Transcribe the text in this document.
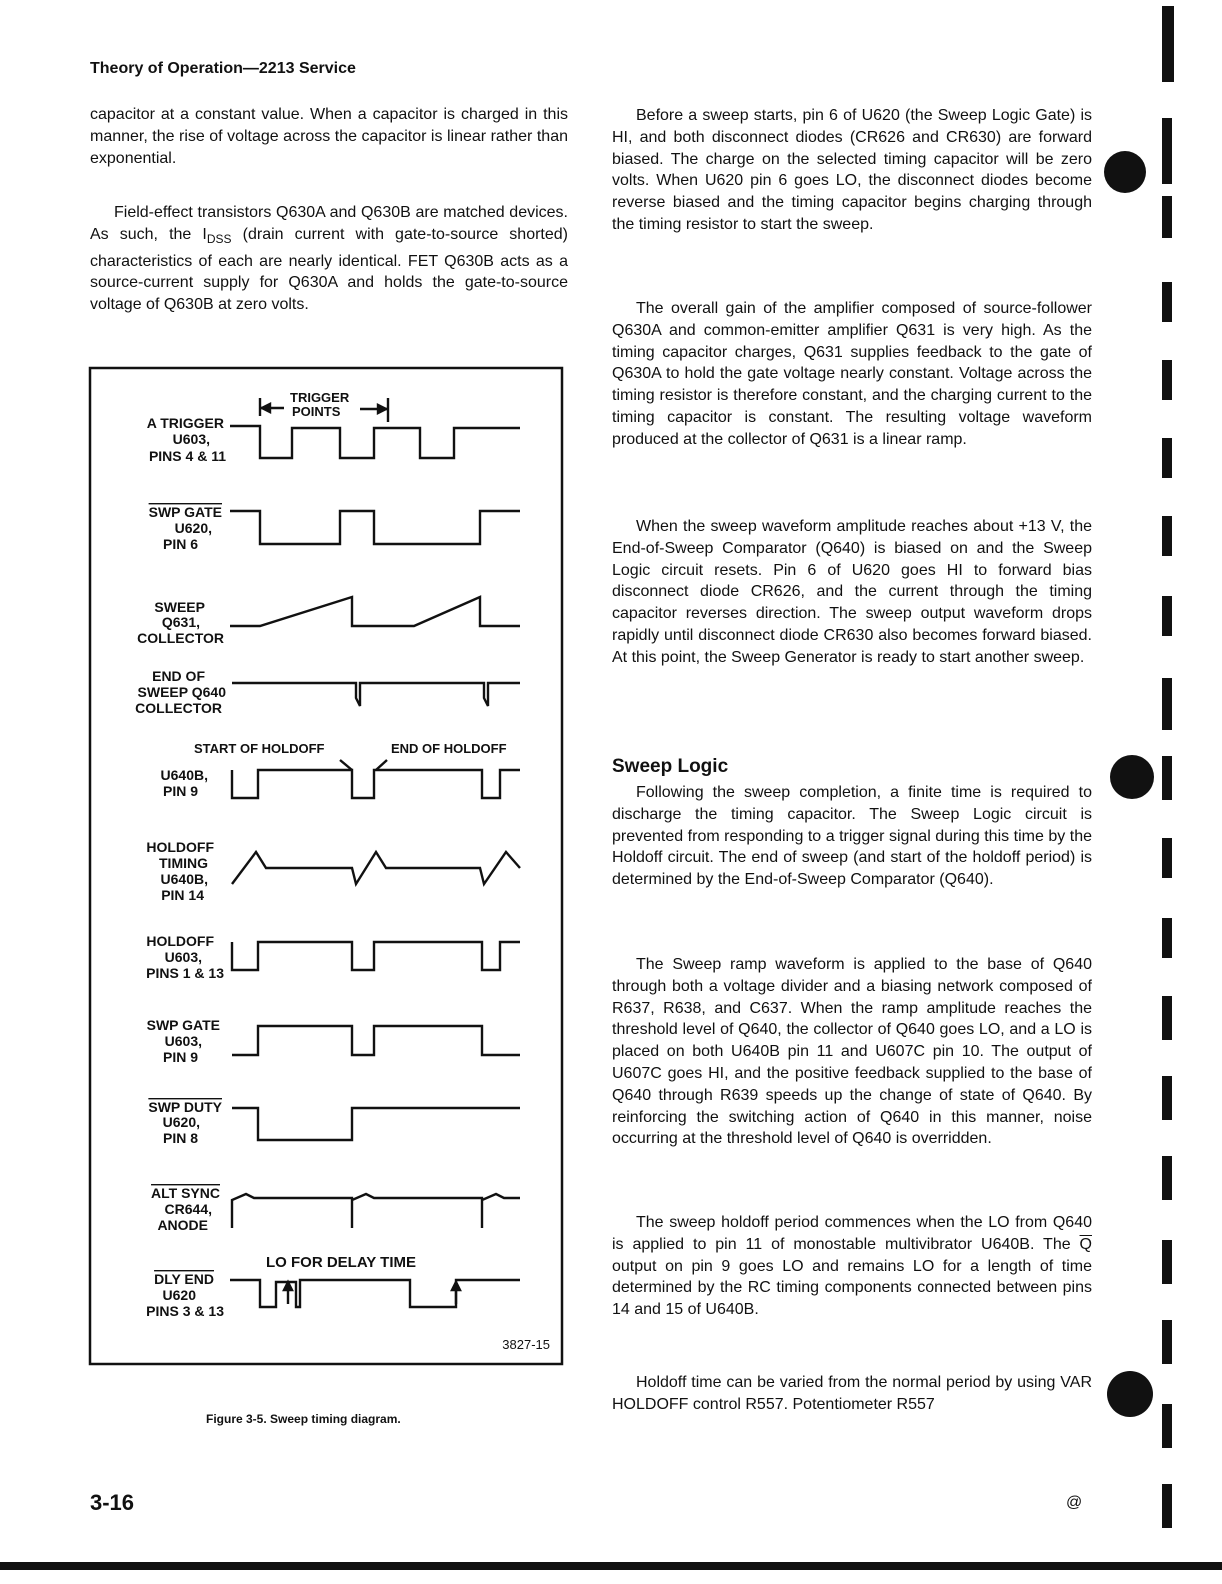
Theory of Operation—2213 Service

capacitor at a constant value. When a capacitor is charged in this manner, the rise of voltage across the capacitor is linear rather than exponential.

Field-effect transistors Q630A and Q630B are matched devices. As such, the $I_{DSS}$ (drain current with gate-to-source shorted) characteristics of each are nearly identical. FET Q630B acts as a source-current supply for Q630A and holds the gate-to-source voltage of Q630B at zero volts.

A TRIGGER
U603,
PINS 4 & 11
SWP GATE
U620,
PIN 6
SWEEP
Q631,
COLLECTOR
END OF
SWEEP Q640
COLLECTOR
U640B,
PIN 9
HOLDOFF
TIMING
U640B,
PIN 14
HOLDOFF
U603,
PINS 1 & 13
SWP GATE
U603,
PIN 9
SWP DUTY
U620,
PIN 8
ALT SYNC
CR644,
ANODE
DLY END
U620
PINS 3 & 13
TRIGGER
POINTS
START OF HOLDOFF	END OF HOLDOFF
LO FOR DELAY TIME
3827-15
Figure 3-5. Sweep timing diagram.

Before a sweep starts, pin 6 of U620 (the Sweep Logic Gate) is HI, and both disconnect diodes (CR626 and CR630) are forward biased. The charge on the selected timing capacitor will be zero volts. When U620 pin 6 goes LO, the disconnect diodes become reverse biased and the timing capacitor begins charging through the timing resistor to start the sweep.

The overall gain of the amplifier composed of source-follower Q630A and common-emitter amplifier Q631 is very high. As the timing capacitor charges, Q631 supplies feedback to the gate of Q630A to hold the gate voltage nearly constant. Voltage across the timing resistor is therefore constant, and the charging current to the timing capacitor is constant. The resulting voltage waveform produced at the collector of Q631 is a linear ramp.

When the sweep waveform amplitude reaches about +13 V, the End-of-Sweep Comparator (Q640) is biased on and the Sweep Logic circuit resets. Pin 6 of U620 goes HI to forward bias disconnect diode CR626, and the current through the timing capacitor reverses direction. The sweep output waveform drops rapidly until disconnect diode CR630 also becomes forward biased. At this point, the Sweep Generator is ready to start another sweep.

Sweep Logic

Following the sweep completion, a finite time is required to discharge the timing capacitor. The Sweep Logic circuit is prevented from responding to a trigger signal during this time by the Holdoff circuit. The end of sweep (and start of the holdoff period) is determined by the End-of-Sweep Comparator (Q640).

The Sweep ramp waveform is applied to the base of Q640 through both a voltage divider and a biasing network composed of R637, R638, and C637. When the ramp amplitude reaches the threshold level of Q640, the collector of Q640 goes LO, and a LO is placed on both U640B pin 11 and U607C pin 10. The output of U607C goes HI, and the positive feedback supplied to the base of Q640 through R639 speeds up the change of state of Q640. By reinforcing the switching action of Q640 in this manner, noise occurring at the threshold level of Q640 is overridden.

The sweep holdoff period commences when the LO from Q640 is applied to pin 11 of monostable multivibrator U640B. The $\overline{Q}$ output on pin 9 goes LO and remains LO for a length of time determined by the RC timing components connected between pins 14 and 15 of U640B.

Holdoff time can be varied from the normal period by using VAR HOLDOFF control R557. Potentiometer R557

3-16	@
